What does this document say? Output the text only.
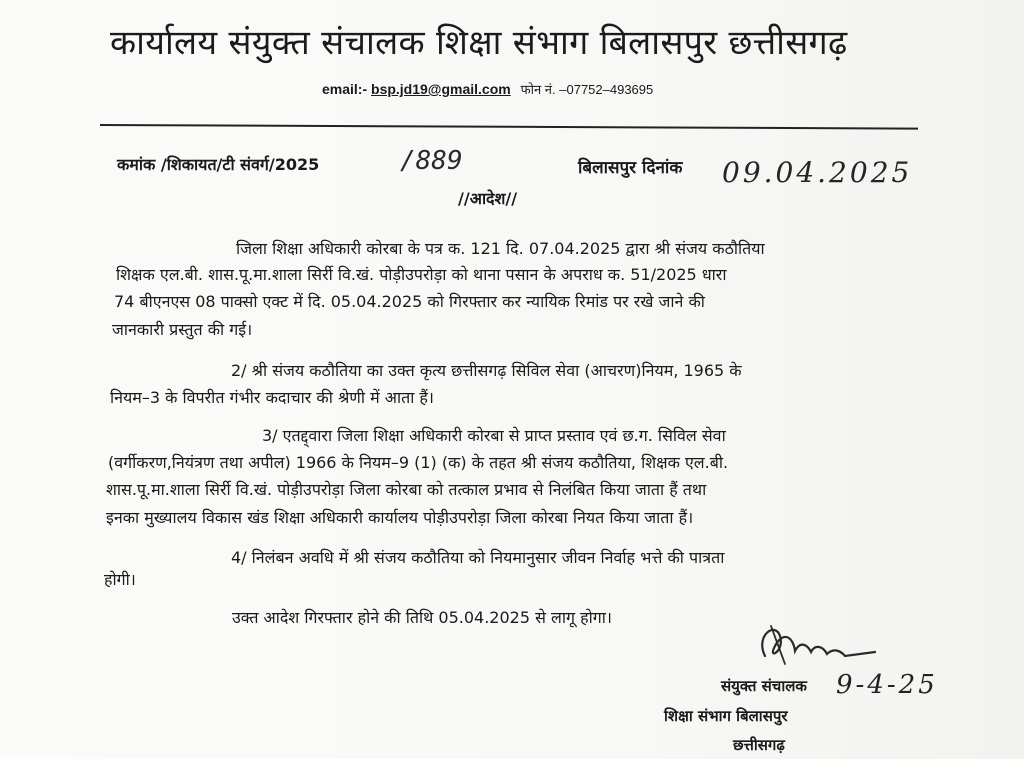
कार्यालय संयुक्त संचालक शिक्षा संभाग बिलासपुर छत्तीसगढ़
email:- bsp.jd19@gmail.com फोन नं. –07752–493695
कमांक /शिकायत/टी संवर्ग/2025	/889	बिलासपुर दिनांक 09.04.2025
//आदेश//
जिला शिक्षा अधिकारी कोरबा के पत्र क. 121 दि. 07.04.2025 द्वारा श्री संजय कठौतिया
शिक्षक एल.बी. शास.पू.मा.शाला सिर्री वि.खं. पोड़ीउपरोड़ा को थाना पसान के अपराध क. 51/2025 धारा
74 बीएनएस 08 पाक्सो एक्ट में दि. 05.04.2025 को गिरफ्तार कर न्यायिक रिमांड पर रखे जाने की
जानकारी प्रस्तुत की गई।
2/ श्री संजय कठौतिया का उक्त कृत्य छत्तीसगढ़ सिविल सेवा (आचरण)नियम, 1965 के
नियम–3 के विपरीत गंभीर कदाचार की श्रेणी में आता हैं।
3/ एतद्द्वारा जिला शिक्षा अधिकारी कोरबा से प्राप्त प्रस्ताव एवं छ.ग. सिविल सेवा
(वर्गीकरण,नियंत्रण तथा अपील) 1966 के नियम–9 (1) (क) के तहत श्री संजय कठौतिया, शिक्षक एल.बी.
शास.पू.मा.शाला सिर्री वि.खं. पोड़ीउपरोड़ा जिला कोरबा को तत्काल प्रभाव से निलंबित किया जाता हैं तथा
इनका मुख्यालय विकास खंड शिक्षा अधिकारी कार्यालय पोड़ीउपरोड़ा जिला कोरबा नियत किया जाता हैं।
4/ निलंबन अवधि में श्री संजय कठौतिया को नियमानुसार जीवन निर्वाह भत्ते की पात्रता
होगी।
उक्त आदेश गिरफ्तार होने की तिथि 05.04.2025 से लागू होगा।
संयुक्त संचालक 9-4-25
शिक्षा संभाग बिलासपुर
छत्तीसगढ़
